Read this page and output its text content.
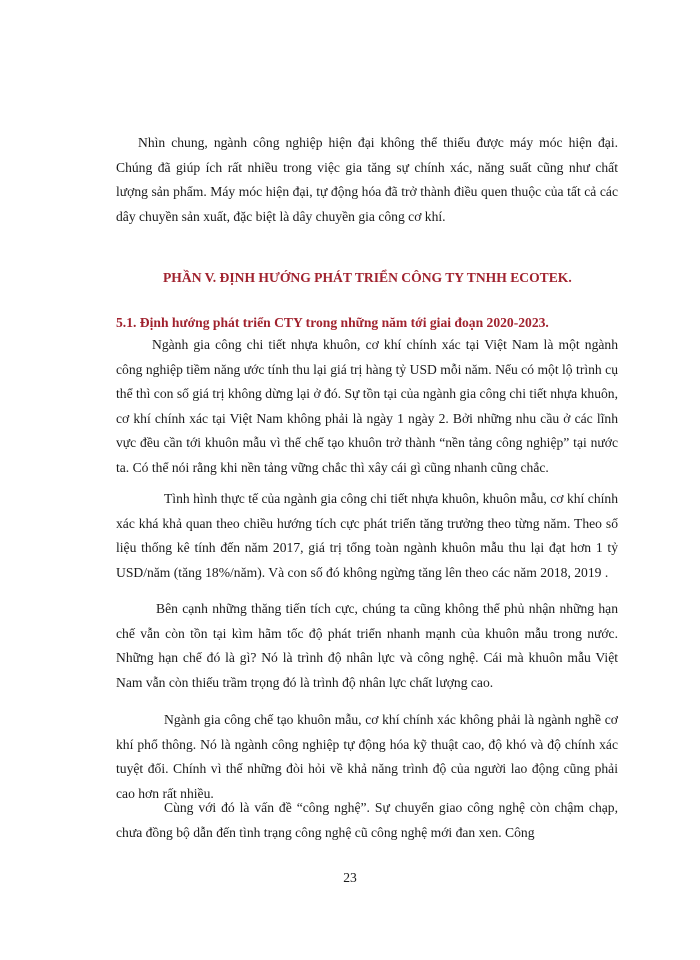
Nhìn chung, ngành công nghiệp hiện đại không thể thiếu được máy móc hiện đại. Chúng đã giúp ích rất nhiều trong việc gia tăng sự chính xác, năng suất cũng như chất lượng sản phẩm. Máy móc hiện đại, tự động hóa đã trở thành điều quen thuộc của tất cả các dây chuyền sản xuất, đặc biệt là dây chuyền gia công cơ khí.

PHẦN V. ĐỊNH HƯỚNG PHÁT TRIỂN CÔNG TY TNHH ECOTEK.

5.1. Định hướng phát triển CTY trong những năm tới giai đoạn 2020-2023.

Ngành gia công chi tiết nhựa khuôn, cơ khí chính xác tại Việt Nam là một ngành công nghiệp tiềm năng ước tính thu lại giá trị hàng tỷ USD mỗi năm. Nếu có một lộ trình cụ thể thì con số giá trị không dừng lại ở đó. Sự tồn tại của ngành gia công chi tiết nhựa khuôn, cơ khí chính xác tại Việt Nam không phải là ngày 1 ngày 2. Bởi những nhu cầu ở các lĩnh vực đều cần tới khuôn mẫu vì thế chế tạo khuôn trở thành “nền tảng công nghiệp” tại nước ta. Có thể nói rằng khi nền tảng vững chắc thì xây cái gì cũng nhanh cũng chắc.

Tình hình thực tế của ngành gia công chi tiết nhựa khuôn, khuôn mẫu, cơ khí chính xác khá khả quan theo chiều hướng tích cực phát triển tăng trưởng theo từng năm. Theo số liệu thống kê tính đến năm 2017, giá trị tổng toàn ngành khuôn mẫu thu lại đạt hơn 1 tỷ USD/năm (tăng 18%/năm). Và con số đó không ngừng tăng lên theo các năm 2018, 2019 .

Bên cạnh những thăng tiến tích cực, chúng ta cũng không thể phủ nhận những hạn chế vẫn còn tồn tại kìm hãm tốc độ phát triển nhanh mạnh của khuôn mẫu trong nước. Những hạn chế đó là gì? Nó là trình độ nhân lực và công nghệ. Cái mà khuôn mẫu Việt Nam vẫn còn thiếu trầm trọng đó là trình độ nhân lực chất lượng cao.

Ngành gia công chế tạo khuôn mẫu, cơ khí chính xác không phải là ngành nghề cơ khí phổ thông. Nó là ngành công nghiệp tự động hóa kỹ thuật cao, độ khó và độ chính xác tuyệt đối. Chính vì thế những đòi hỏi về khả năng trình độ của người lao động cũng phải cao hơn rất nhiều.

Cùng với đó là vấn đề “công nghệ”. Sự chuyển giao công nghệ còn chậm chạp, chưa đồng bộ dẫn đến tình trạng công nghệ cũ công nghệ mới đan xen. Công

23
